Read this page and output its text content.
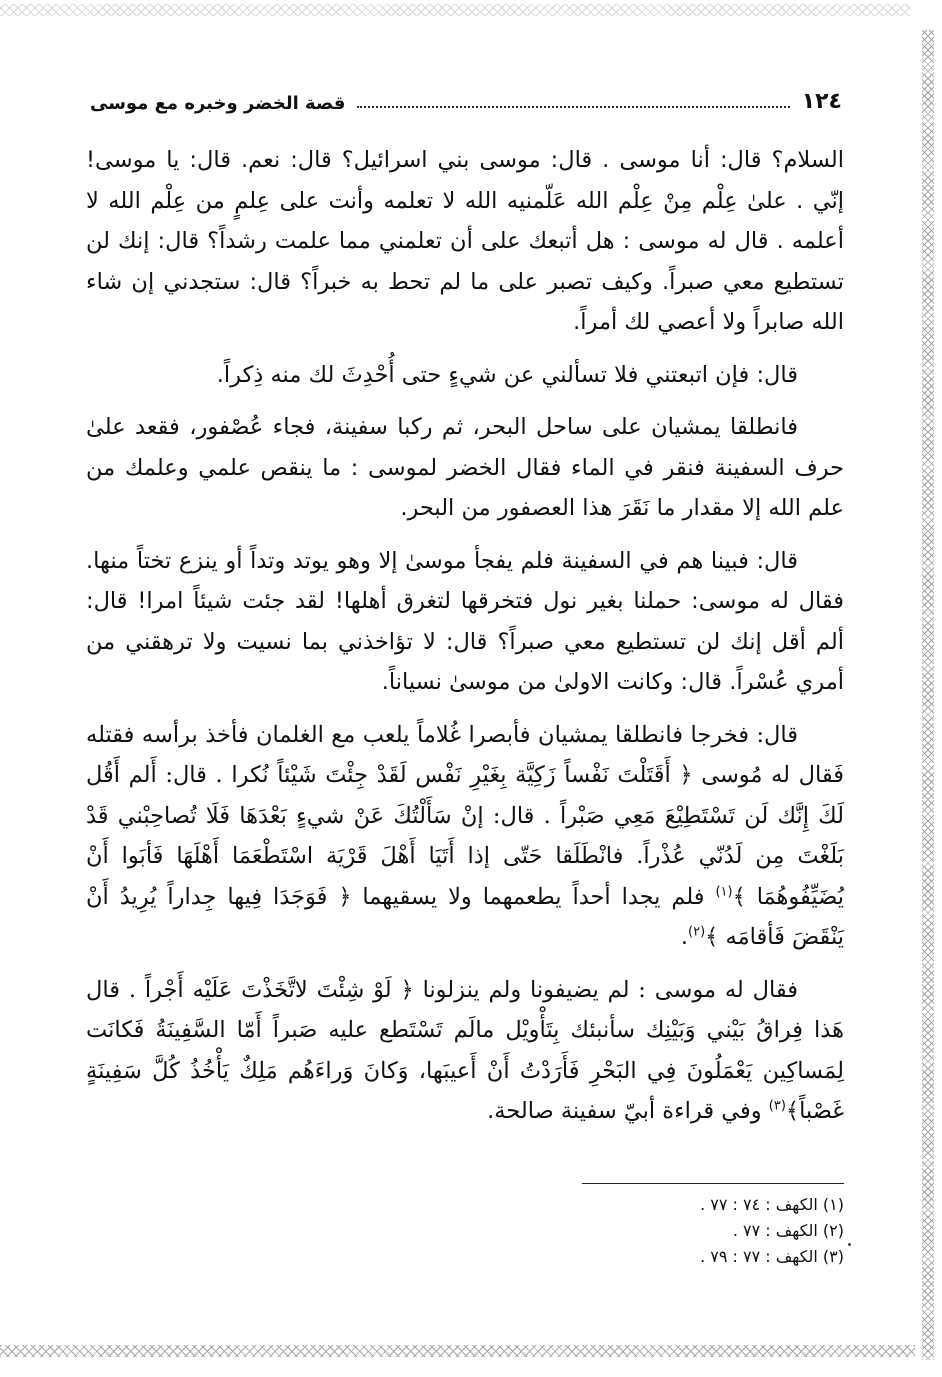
١٢٤
قصة الخضر وخبره مع موسى

السلام؟ قال: أنا موسى . قال: موسى بني اسرائيل؟ قال: نعم. قال: يا موسى! إنّي . علىٰ عِلْم مِنْ عِلْم الله عَلّمنيه الله لا تعلمه وأنت على عِلمٍ من عِلْم الله لا أعلمه . قال له موسى : هل أتبعك على أن تعلمني مما علمت رشداً؟ قال: إنك لن تستطيع معي صبراً. وكيف تصبر على ما لم تحط به خبراً؟ قال: ستجدني إن شاء الله صابراً ولا أعصي لك أمراً.

قال: فإن اتبعتني فلا تسألني عن شيءٍ حتى أُحْدِثَ لك منه ذِكراً.

فانطلقا يمشيان على ساحل البحر، ثم ركبا سفينة، فجاء عُصْفور، فقعد علىٰ حرف السفينة فنقر في الماء فقال الخضر لموسى : ما ينقص علمي وعلمك من علم الله إلا مقدار ما نَقَرَ هذا العصفور من البحر.

قال: فبينا هم في السفينة فلم يفجأ موسىٰ إلا وهو يوتد وتداً أو ينزع تختاً منها. فقال له موسى: حملنا بغير نول فتخرقها لتغرق أهلها! لقد جئت شيئاً امرا! قال: ألم أقل إنك لن تستطيع معي صبراً؟ قال: لا تؤاخذني بما نسيت ولا ترهقني من أمري عُسْراً. قال: وكانت الاولىٰ من موسىٰ نسياناً.

قال: فخرجا فانطلقا يمشيان فأبصرا غُلاماً يلعب مع الغلمان فأخذ برأسه فقتله فَقال له مُوسى ﴿ أَقَتَلْتَ نَفْساً زَكِيَّة بِغَيْرِ نَفْس لَقَدْ جِئْتَ شَيْئاً نُكرا . قال: أَلم أَقُل لَكَ إِنَّك لَن تَسْتَطِيْعَ مَعِي صَبْراً . قال: إنْ سَأَلْتُكَ عَنْ شيءٍ بَعْدَهَا فَلَا تُصاحِبْني قَدْ بَلَغْتَ مِن لَدُنّي عُذْراً. فانْطَلَقا حَتّى إذا أَتَيَا أَهْلَ قَرْيَة اسْتَطْعَمَا أَهْلَهَا فَأبَوا أَنْ يُضَيِّفُوهُمَا ﴾$^{(١)}$ فلم يجدا أحداً يطعمهما ولا يسقيهما ﴿ فَوَجَدَا فِيها جِداراً يُرِيدُ أَنْ يَنْقَضَ فَأقامَه ﴾$^{(٢)}$.

فقال له موسى : لم يضيفونا ولم ينزلونا ﴿ لَوْ شِئْتَ لاتَّخَذْتَ عَلَيْه أَجْراً . قال هَذا فِراقُ بَيْني وَبَيْنِك سأنبئك بِتَأْويْل مالَم تَسْتَطع عليه صَبراً أَمّا السَّفِينَةُ فَكانَت لِمَساكِين يَعْمَلُونَ فِي البَحْرِ فَأَرَدْتُ أَنْ أَعيبَها، وَكانَ وَراءَهُم مَلِكٌ يَأْخُذُ كُلَّ سَفِينَةٍ غَصْباً﴾$^{(٣)}$ وفي قراءة أبيّ سفينة صالحة.

(١) الكهف : ٧٤ : ٧٧ .
(٢) الكهف : ٧٧ .
(٣) الكهف : ٧٧ : ٧٩ .
